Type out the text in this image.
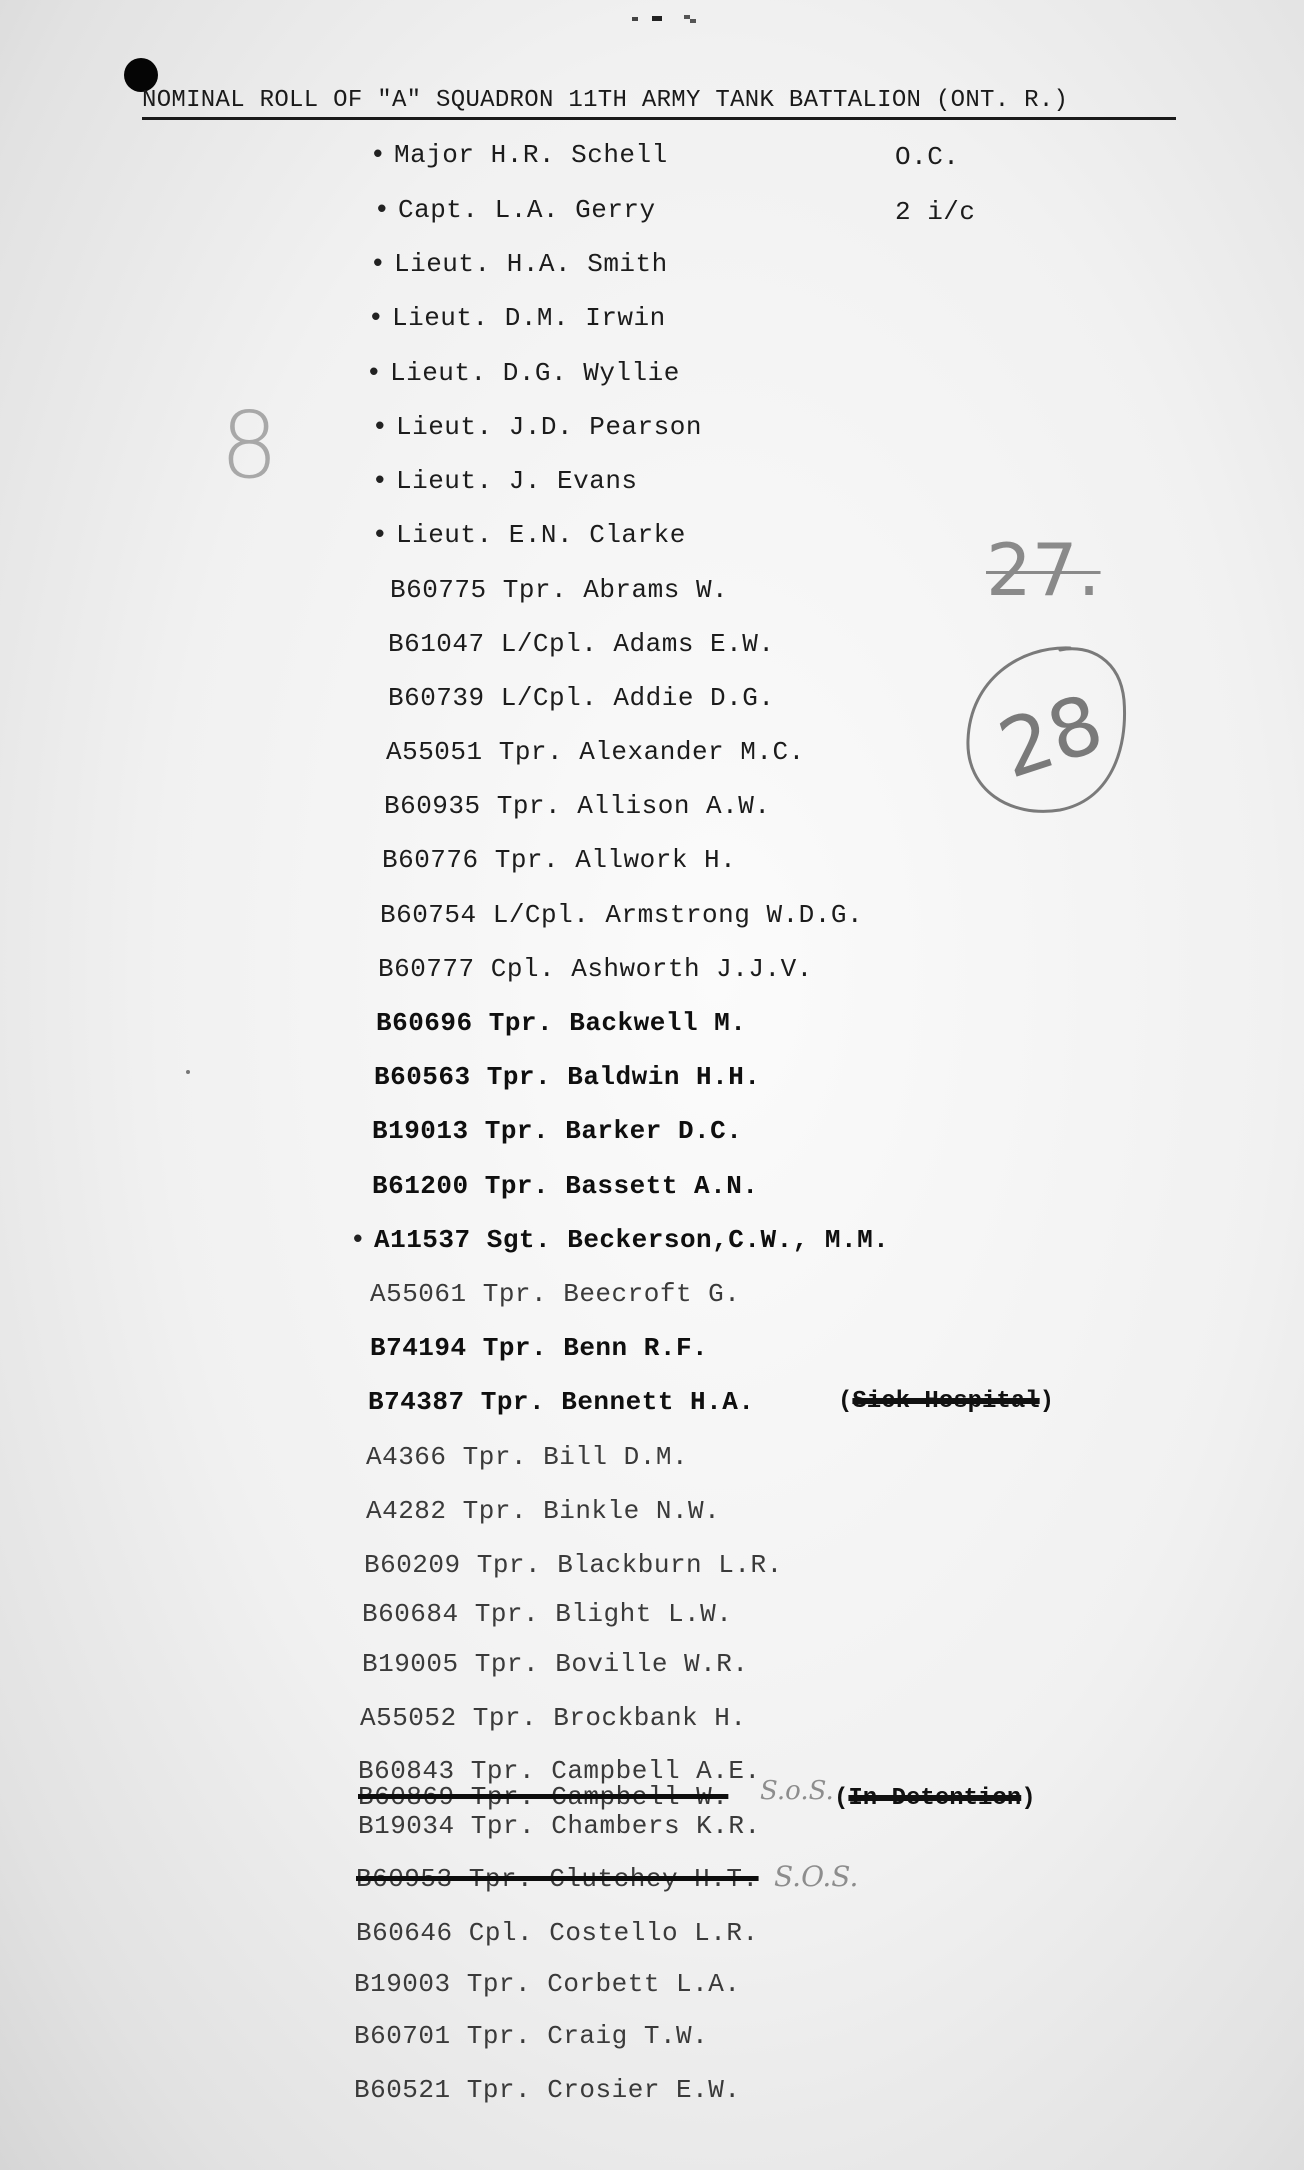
NOMINAL ROLL OF "A" SQUADRON 11TH ARMY TANK BATTALION (ONT. R.)
• Major H.R. Schell	O.C.
• Capt. L.A. Gerry	2 i/c
• Lieut. H.A. Smith
• Lieut. D.M. Irwin
• Lieut. D.G. Wyllie
• Lieut. J.D. Pearson
• Lieut. J. Evans
• Lieut. E.N. Clarke
B60775 Tpr. Abrams W.
B61047 L/Cpl. Adams E.W.
B60739 L/Cpl. Addie D.G.
A55051 Tpr. Alexander M.C.
B60935 Tpr. Allison A.W.
B60776 Tpr. Allwork H.
B60754 L/Cpl. Armstrong W.D.G.
B60777 Cpl. Ashworth J.J.V.
B60696 Tpr. Backwell M.
B60563 Tpr. Baldwin H.H.
B19013 Tpr. Barker D.C.
B61200 Tpr. Bassett A.N.
• A11537 Sgt. Beckerson,C.W., M.M.
A55061 Tpr. Beecroft G.
B74194 Tpr. Benn R.F.
B74387 Tpr. Bennett H.A.	(Sick Hospital)
A4366 Tpr. Bill D.M.
A4282 Tpr. Binkle N.W.
B60209 Tpr. Blackburn L.R.
B60684 Tpr. Blight L.W.
B19005 Tpr. Boville W.R.
A55052 Tpr. Brockbank H.
B60843 Tpr. Campbell A.E.
B60869 Tpr. Campbell W. S.o.S. (In Detention)
B19034 Tpr. Chambers K.R.
B60953 Tpr. Clutchey H.T. S.O.S.
B60646 Cpl. Costello L.R.
B19003 Tpr. Corbett L.A.
B60701 Tpr. Craig T.W.
B60521 Tpr. Crosier E.W.
8
27.
28
